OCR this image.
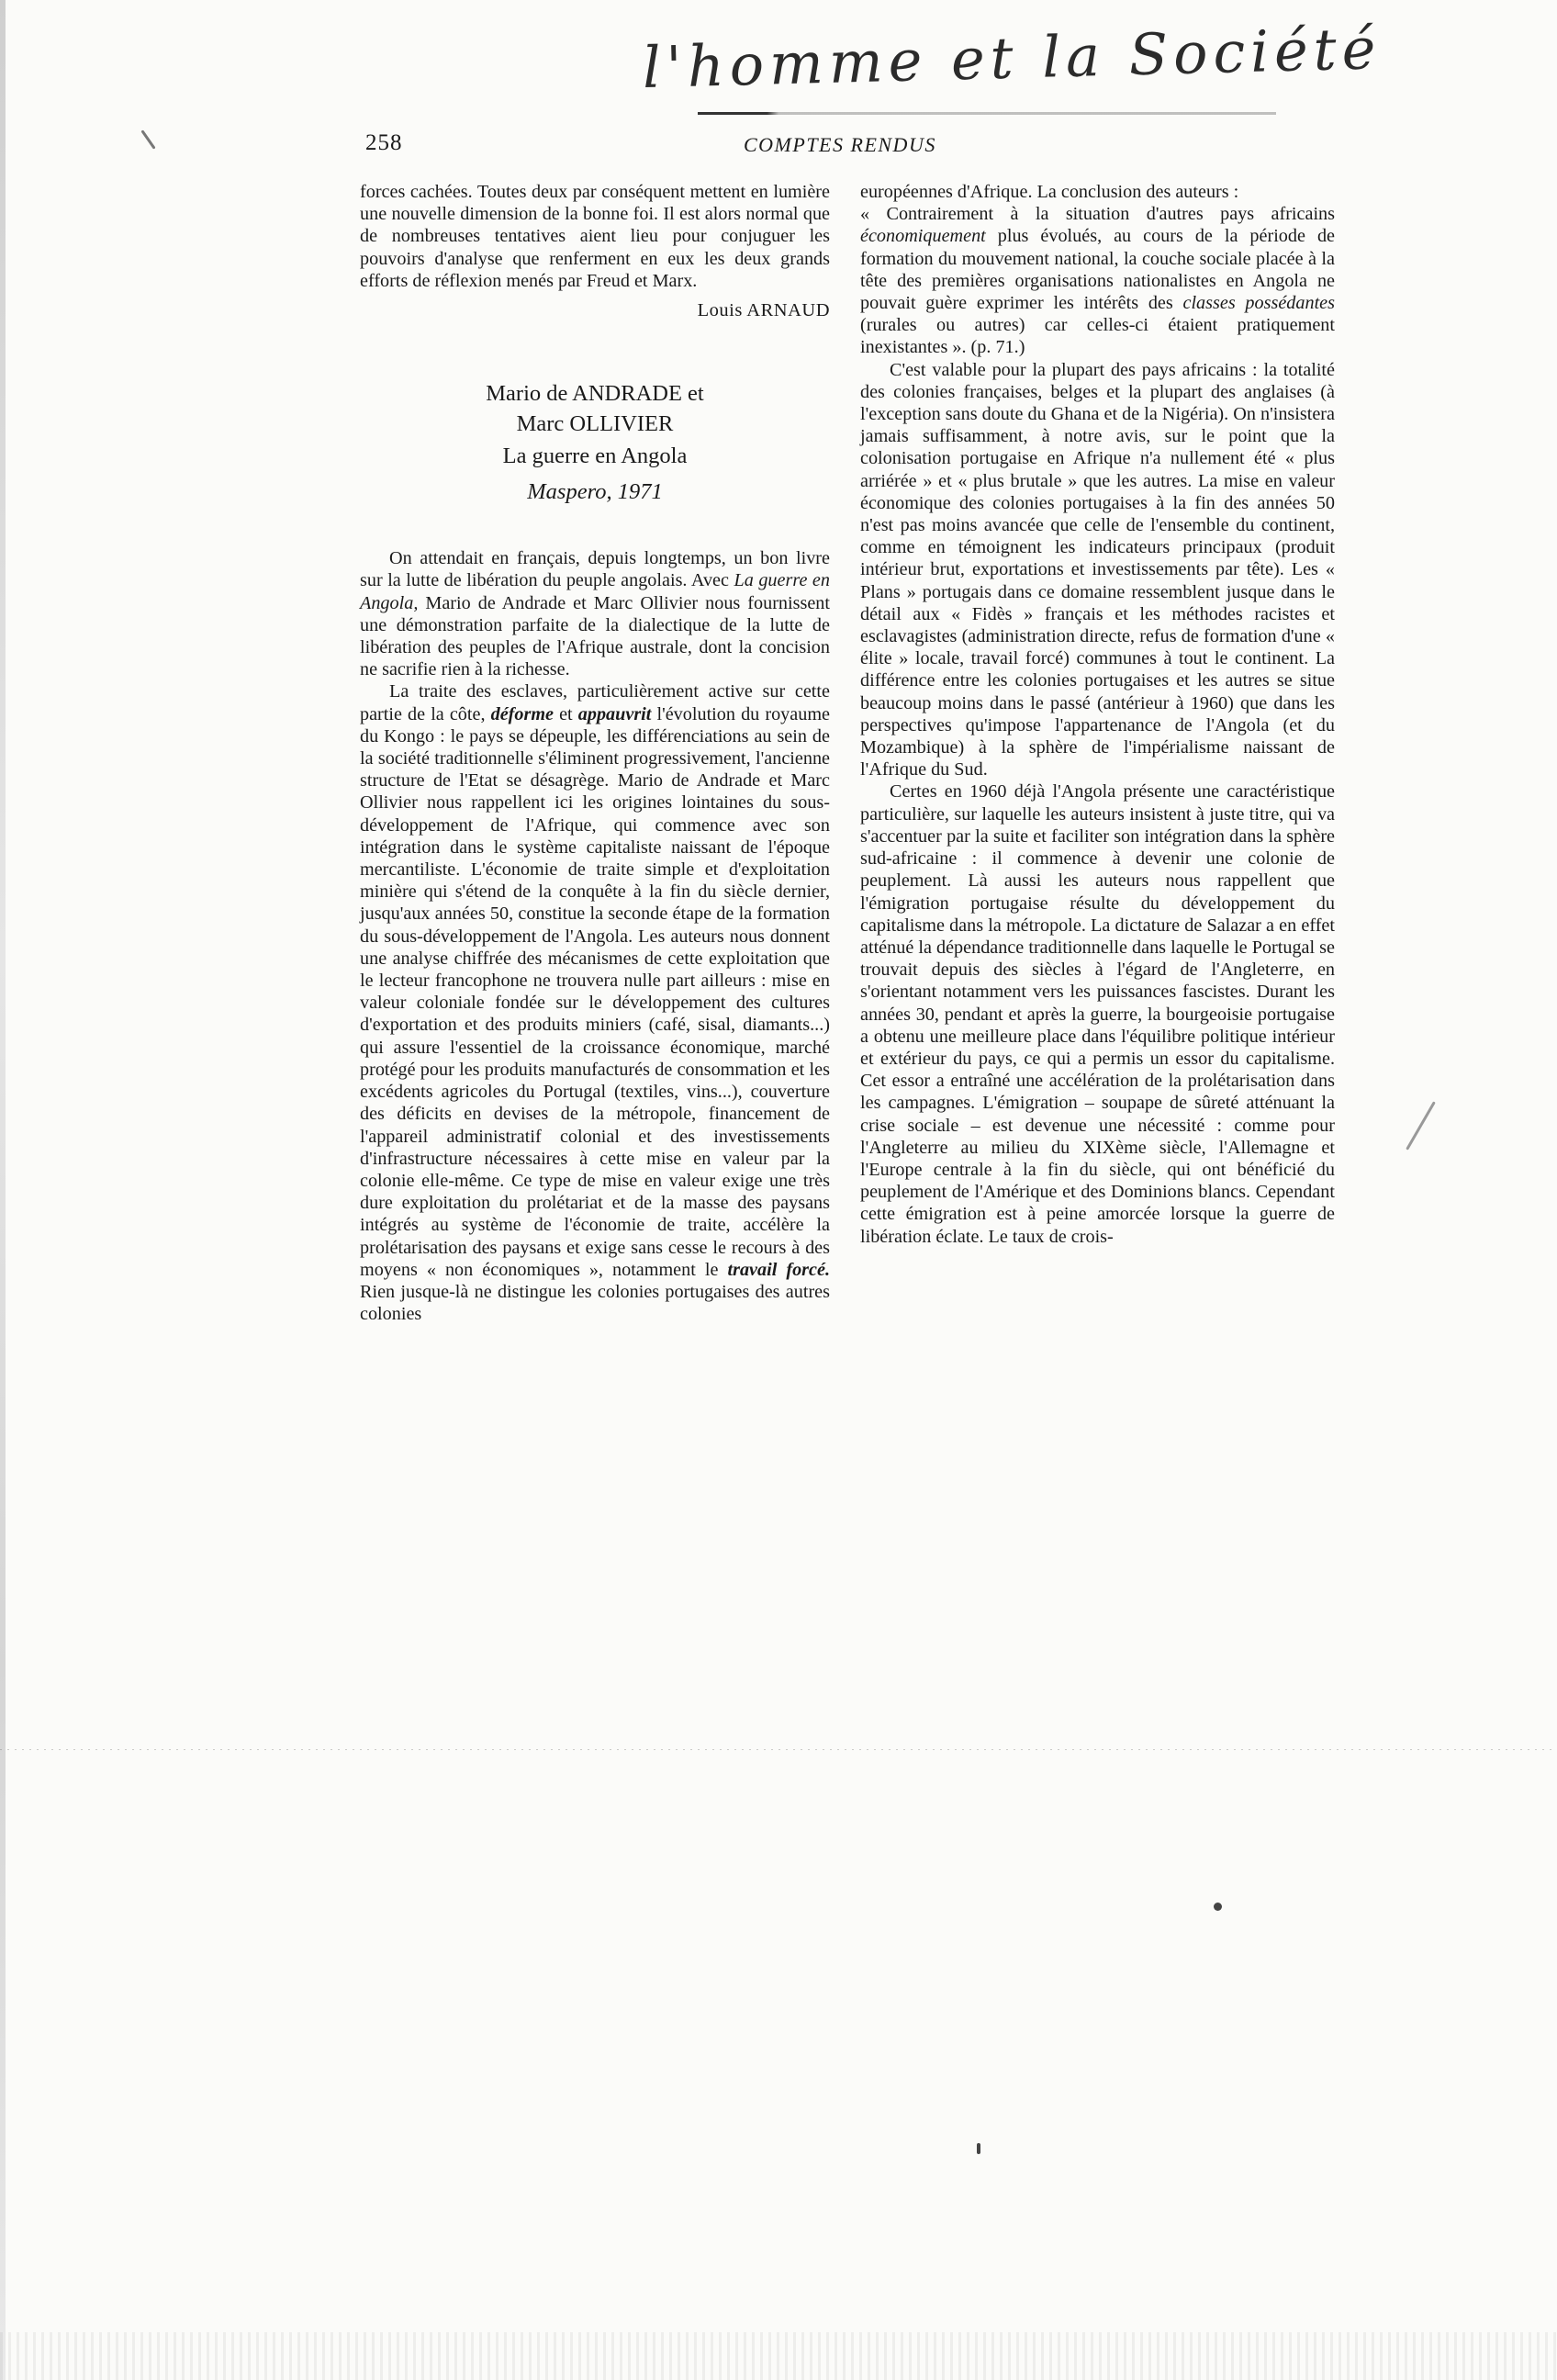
l'homme et la Société
258	COMPTES RENDUS

forces cachées. Toutes deux par conséquent mettent en lumière une nouvelle dimension de la bonne foi. Il est alors normal que de nombreuses tentatives aient lieu pour conjuguer les pouvoirs d'analyse que renferment en eux les deux grands efforts de réflexion menés par Freud et Marx.

Louis ARNAUD
Mario de ANDRADE et
Marc OLLIVIER
La guerre en Angola
Maspero, 1971

On attendait en français, depuis longtemps, un bon livre sur la lutte de libération du peuple angolais. Avec La guerre en Angola, Mario de Andrade et Marc Ollivier nous fournissent une démonstration parfaite de la dialectique de la lutte de libération des peuples de l'Afrique australe, dont la concision ne sacrifie rien à la richesse.

La traite des esclaves, particulièrement active sur cette partie de la côte, déforme et appauvrit l'évolution du royaume du Kongo : le pays se dépeuple, les différenciations au sein de la société traditionnelle s'éliminent progressivement, l'ancienne structure de l'Etat se désagrège. Mario de Andrade et Marc Ollivier nous rappellent ici les origines lointaines du sous-développement de l'Afrique, qui commence avec son intégration dans le système capitaliste naissant de l'époque mercantiliste. L'économie de traite simple et d'exploitation minière qui s'étend de la conquête à la fin du siècle dernier, jusqu'aux années 50, constitue la seconde étape de la formation du sous-développement de l'Angola. Les auteurs nous donnent une analyse chiffrée des mécanismes de cette exploitation que le lecteur francophone ne trouvera nulle part ailleurs : mise en valeur coloniale fondée sur le développement des cultures d'exportation et des produits miniers (café, sisal, diamants...) qui assure l'essentiel de la croissance économique, marché protégé pour les produits manufacturés de consommation et les excédents agricoles du Portugal (textiles, vins...), couverture des déficits en devises de la métropole, financement de l'appareil administratif colonial et des investissements d'infrastructure nécessaires à cette mise en valeur par la colonie elle-même. Ce type de mise en valeur exige une très dure exploitation du prolétariat et de la masse des paysans intégrés au système de l'économie de traite, accélère la prolétarisation des paysans et exige sans cesse le recours à des moyens « non économiques », notamment le travail forcé. Rien jusque-là ne distingue les colonies portugaises des autres colonies

européennes d'Afrique. La conclusion des auteurs :

« Contrairement à la situation d'autres pays africains économiquement plus évolués, au cours de la période de formation du mouvement national, la couche sociale placée à la tête des premières organisations nationalistes en Angola ne pouvait guère exprimer les intérêts des classes possédantes (rurales ou autres) car celles-ci étaient pratiquement inexistantes ». (p. 71.)

C'est valable pour la plupart des pays africains : la totalité des colonies françaises, belges et la plupart des anglaises (à l'exception sans doute du Ghana et de la Nigéria). On n'insistera jamais suffisamment, à notre avis, sur le point que la colonisation portugaise en Afrique n'a nullement été « plus arriérée » et « plus brutale » que les autres. La mise en valeur économique des colonies portugaises à la fin des années 50 n'est pas moins avancée que celle de l'ensemble du continent, comme en témoignent les indicateurs principaux (produit intérieur brut, exportations et investissements par tête). Les « Plans » portugais dans ce domaine ressemblent jusque dans le détail aux « Fidès » français et les méthodes racistes et esclavagistes (administration directe, refus de formation d'une « élite » locale, travail forcé) communes à tout le continent. La différence entre les colonies portugaises et les autres se situe beaucoup moins dans le passé (antérieur à 1960) que dans les perspectives qu'impose l'appartenance de l'Angola (et du Mozambique) à la sphère de l'impérialisme naissant de l'Afrique du Sud.

Certes en 1960 déjà l'Angola présente une caractéristique particulière, sur laquelle les auteurs insistent à juste titre, qui va s'accentuer par la suite et faciliter son intégration dans la sphère sud-africaine : il commence à devenir une colonie de peuplement. Là aussi les auteurs nous rappellent que l'émigration portugaise résulte du développement du capitalisme dans la métropole. La dictature de Salazar a en effet atténué la dépendance traditionnelle dans laquelle le Portugal se trouvait depuis des siècles à l'égard de l'Angleterre, en s'orientant notamment vers les puissances fascistes. Durant les années 30, pendant et après la guerre, la bourgeoisie portugaise a obtenu une meilleure place dans l'équilibre politique intérieur et extérieur du pays, ce qui a permis un essor du capitalisme. Cet essor a entraîné une accélération de la prolétarisation dans les campagnes. L'émigration – soupape de sûreté atténuant la crise sociale – est devenue une nécessité : comme pour l'Angleterre au milieu du XIXème siècle, l'Allemagne et l'Europe centrale à la fin du siècle, qui ont bénéficié du peuplement de l'Amérique et des Dominions blancs. Cependant cette émigration est à peine amorcée lorsque la guerre de libération éclate. Le taux de crois-
